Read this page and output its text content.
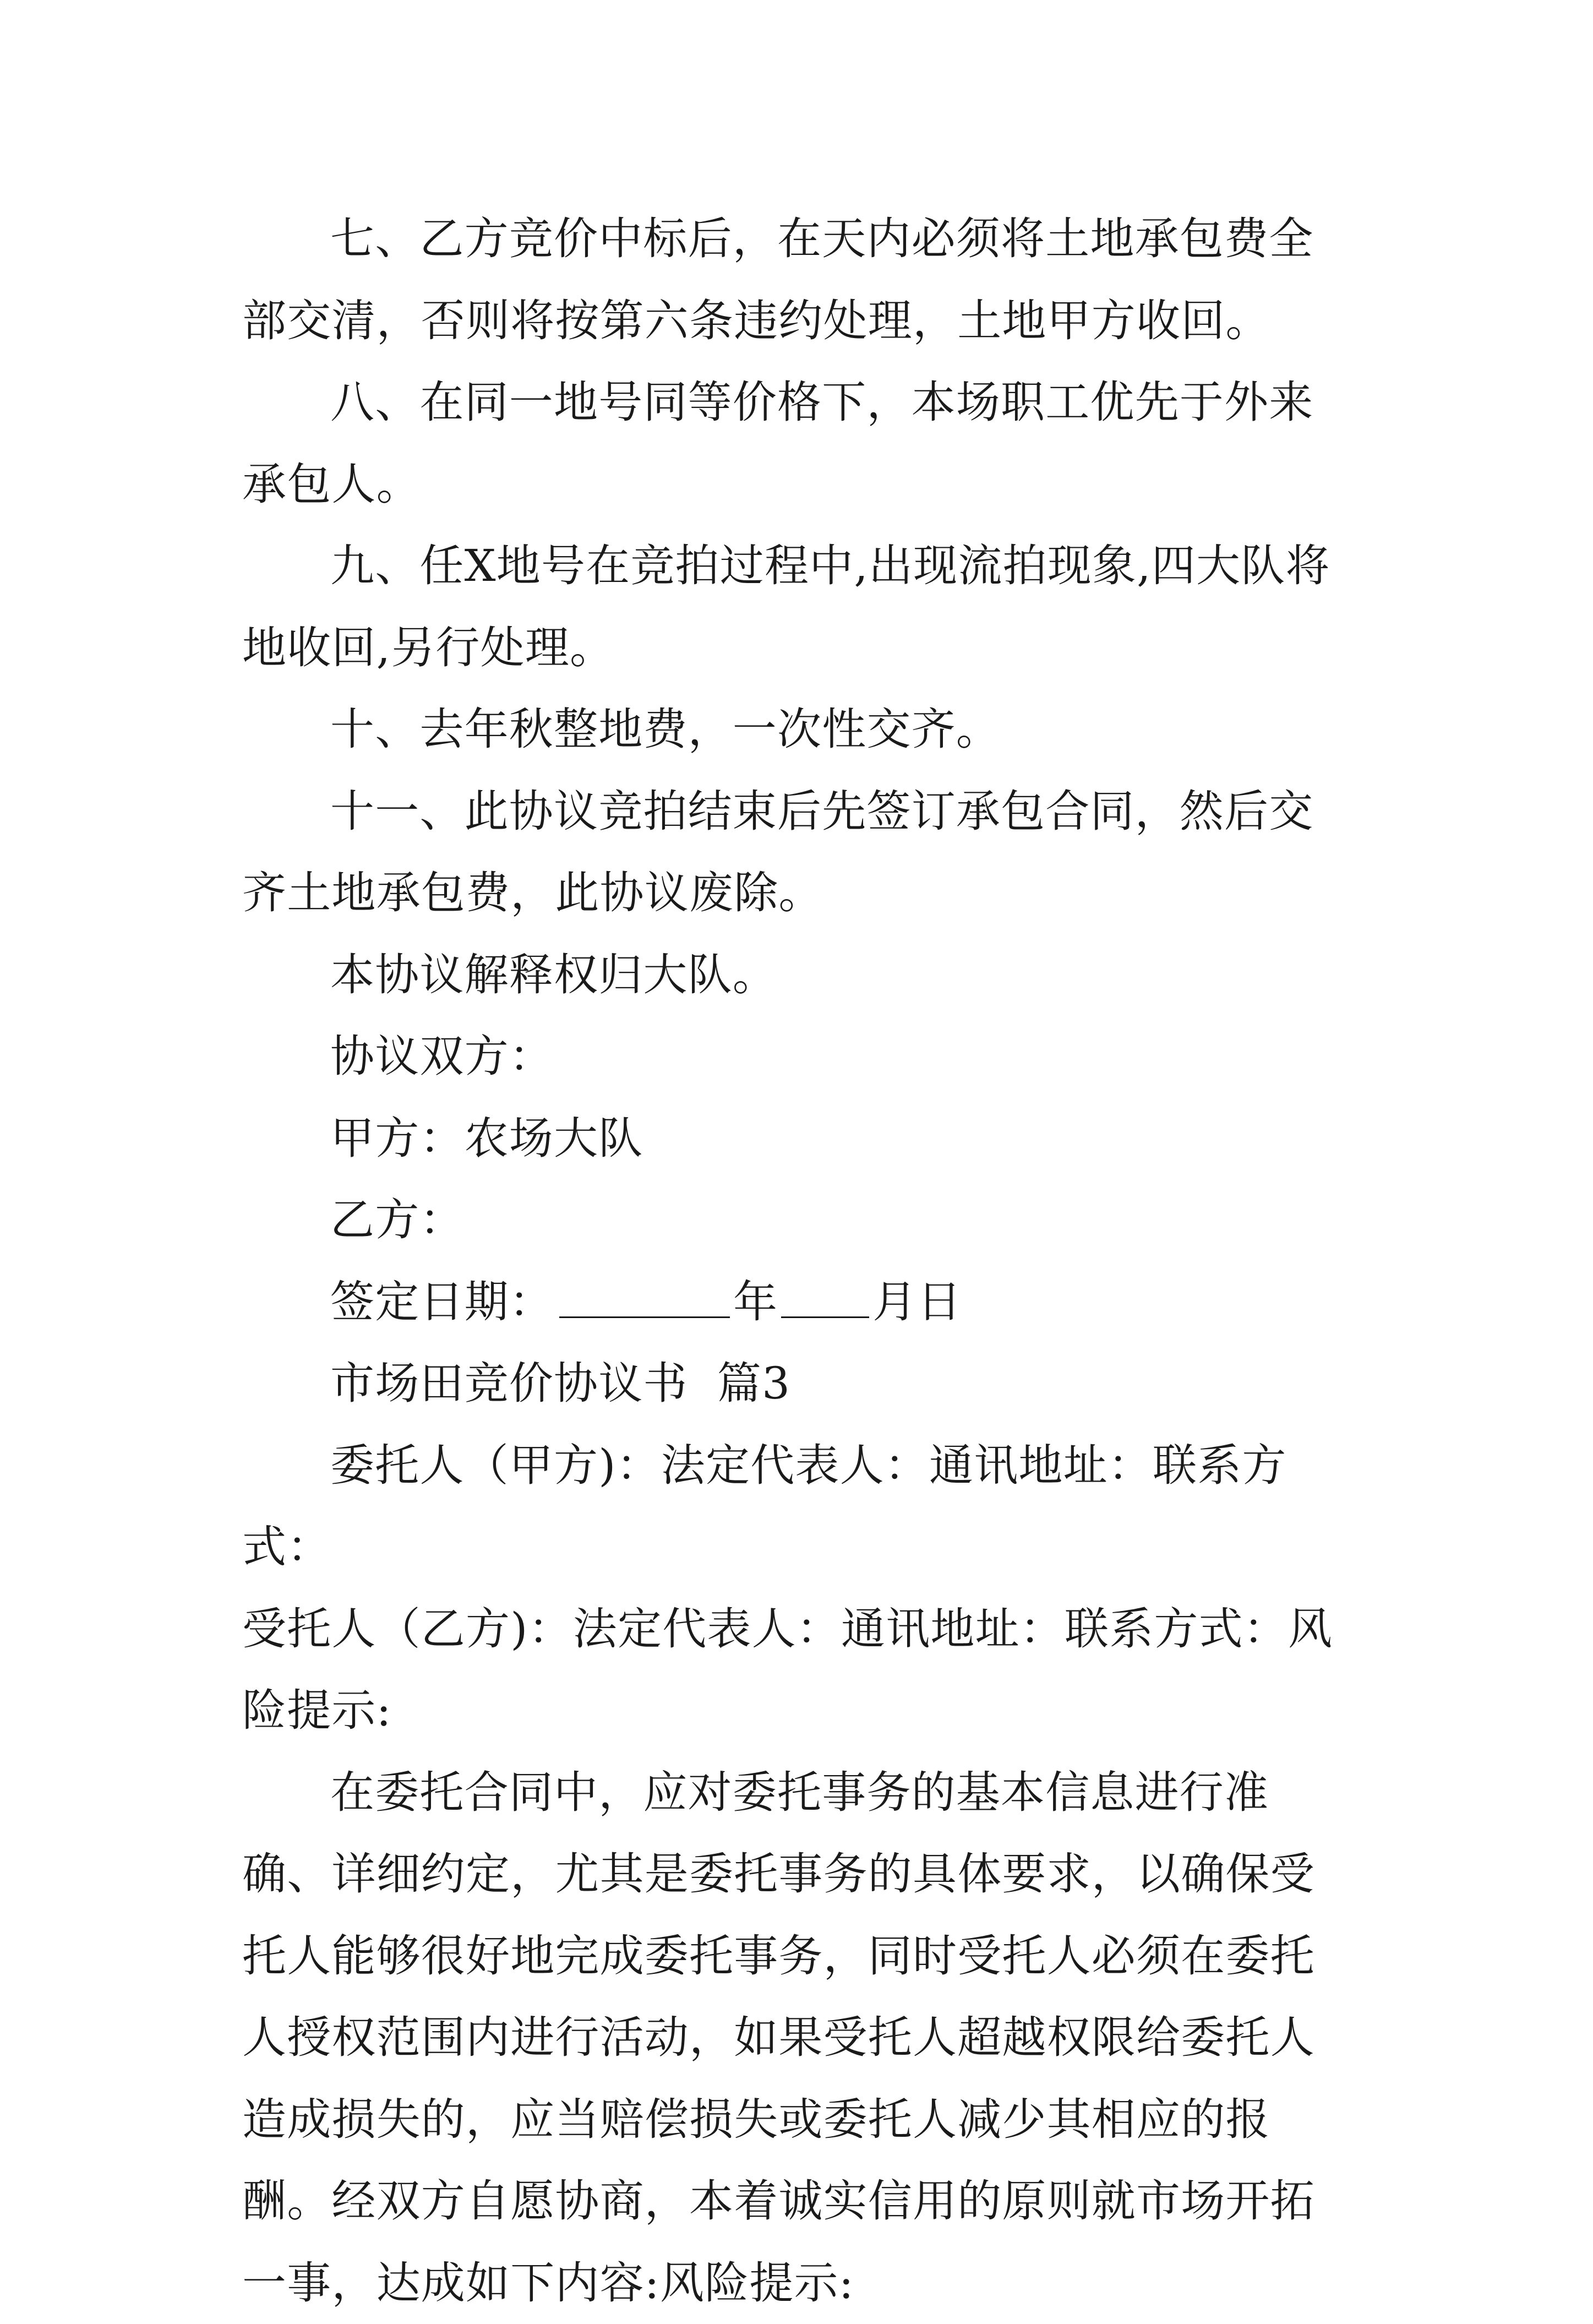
七、乙方竞价中标后，在天内必须将土地承包费全部交清，否则将按第六条违约处理，土地甲方收回。

八、在同一地号同等价格下，本场职工优先于外来承包人。

九、任X地号在竞拍过程中,出现流拍现象,四大队将地收回,另行处理。

十、去年秋整地费，一次性交齐。

十一、此协议竞拍结束后先签订承包合同，然后交齐土地承包费，此协议废除。

本协议解释权归大队。

协议双方：

甲方：农场大队

乙方：

签定日期：	年 月日

市场田竞价协议书 篇3

委托人（甲方)：法定代表人：通讯地址：联系方式：

受托人（乙方)：法定代表人：通讯地址：联系方式：风险提示:

在委托合同中，应对委托事务的基本信息进行准确、详细约定，尤其是委托事务的具体要求，以确保受托人能够很好地完成委托事务，同时受托人必须在委托人授权范围内进行活动，如果受托人超越权限给委托人造成损失的，应当赔偿损失或委托人减少其相应的报酬。经双方自愿协商，本着诚实信用的原则就市场开拓一事，达成如下内容:风险提示:
